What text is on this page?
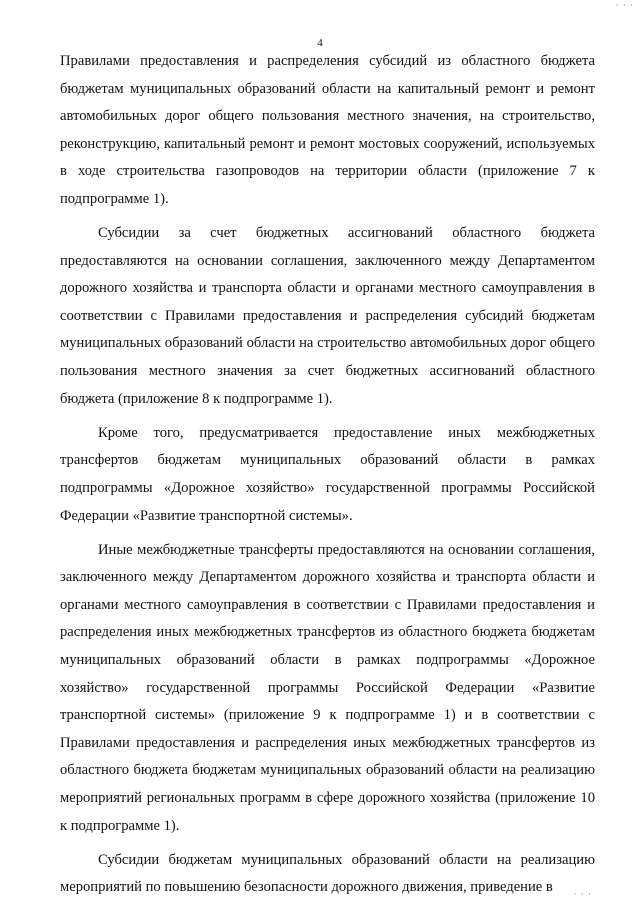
· · ·
4

Правилами предоставления и распределения субсидий из областного бюджета бюджетам муниципальных образований области на капитальный ремонт и ремонт автомобильных дорог общего пользования местного значения, на строительство, реконструкцию, капитальный ремонт и ремонт мостовых сооружений, используемых в ходе строительства газопроводов на территории области (приложение 7 к подпрограмме 1).

Субсидии за счет бюджетных ассигнований областного бюджета предоставляются на основании соглашения, заключенного между Департаментом дорожного хозяйства и транспорта области и органами местного самоуправления в соответствии с Правилами предоставления и распределения субсидий бюджетам муниципальных образований области на строительство автомобильных дорог общего пользования местного значения за счет бюджетных ассигнований областного бюджета (приложение 8 к подпрограмме 1).

Кроме того, предусматривается предоставление иных межбюджетных трансфертов бюджетам муниципальных образований области в рамках подпрограммы «Дорожное хозяйство» государственной программы Российской Федерации «Развитие транспортной системы».

Иные межбюджетные трансферты предоставляются на основании соглашения, заключенного между Департаментом дорожного хозяйства и транспорта области и органами местного самоуправления в соответствии с Правилами предоставления и распределения иных межбюджетных трансфертов из областного бюджета бюджетам муниципальных образований области в рамках подпрограммы «Дорожное хозяйство» государственной программы Российской Федерации «Развитие транспортной системы» (приложение 9 к подпрограмме 1) и в соответствии с Правилами предоставления и распределения иных межбюджетных трансфертов из областного бюджета бюджетам муниципальных образований области на реализацию мероприятий региональных программ в сфере дорожного хозяйства (приложение 10 к подпрограмме 1).

Субсидии бюджетам муниципальных образований области на реализацию мероприятий по повышению безопасности дорожного движения, приведение в	· · ·
